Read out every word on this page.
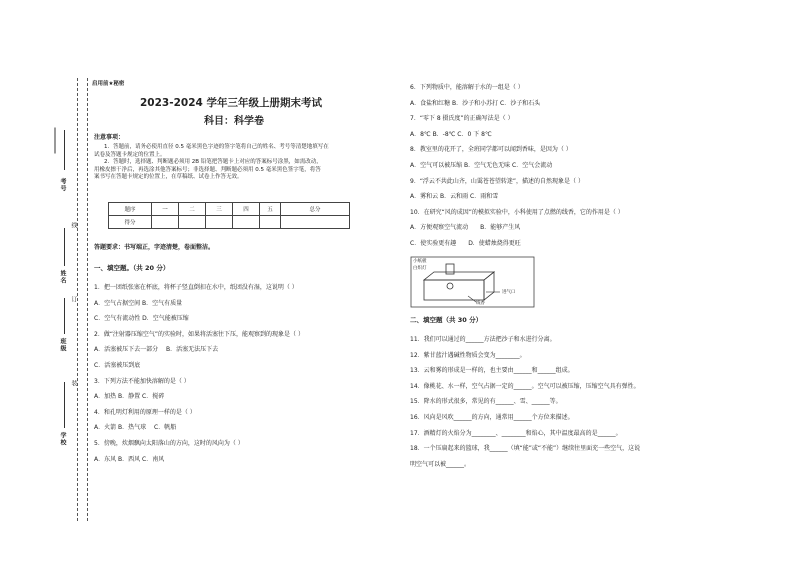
考号
班级
姓名
学校
线
订
装
启用前★秘密
2023-2024 学年三年级上册期末考试
科目：科学卷
注意事项：
1．答题前，请务必使用直径 0.5 毫米黑色字迹的签字笔将自己的姓名、考号等清楚地填写在
试卷及答题卡规定的位置上。
2．答题时，选择题、判断题必须用 2B 铅笔把答题卡上对应的答案标号涂黑，如需改动，
用橡皮擦干净后，再选涂其他答案标号；非选择题、判断题必须用 0.5 毫米黑色签字笔，将答
案书写在答题卡规定的位置上，在草稿纸、试卷上作答无效。
题序	一	二	三	四	五	总分
得分						
答题要求：书写端正，字迹清楚，卷面整洁。
一、填空题。（共 20 分）
1．把一团纸张塞在杯底，将杯子竖直倒扣在水中，纸团没有湿，这说明（ ）
A．空气占据空间 B．空气有质量
C．空气有流动性 D．空气能被压缩
2．做“注射器压缩空气”的实验时，如果将活塞往下压，能观察到的现象是（ ）
A．活塞被压下去一部分　 B．活塞无法压下去
C．活塞被压到底
3．下列方法不能加快溶解的是（ ）
A．加热 B．静置 C．搅碎
4．和孔明灯利用的原理一样的是（ ）
A．火箭 B．热气球　 C．帆船
5．傍晚，炊烟飘向太阳落山的方向，这时的风向为（ ）
A．东风 B．西风 C．南风
6．下列物质中，能溶解于水的一组是（ ）
A．食盐和红糖 B．沙子和小苏打 C．沙子和石头
7．“零下 8 摄氏度”的正确写法是（ ）
A．8℃ B．-8℃ C．0 下 8℃
8．教室里的花开了，全班同学都可以闻到香味，是因为（ ）
A．空气可以被压缩 B．空气无色无味 C．空气会流动
9．“浮云不共此山齐，山霭苍苍望转迷”，描述的自然现象是（ ）
A．雾和云 B．云和雨 C．雨和雪
10．在研究“风的成因”的模拟实验中，小科使用了点燃的线香，它的作用是（ ）
A．方便观察空气流动　　B．能够产生风
C．使实验更有趣　　D．使蜡烛烧得更旺
小纸板
白炽灯
进气口
线香
二、填空题（共 30 分）
11．我们可以通过的______方法把沙子和水进行分离。
12．紫甘蓝汁遇碱性物质会变为________。
13．云和雾的形成是一样的，也主要由______和______组成。
14．像桃花、水一样，空气占据一定的______。空气可以被压缩，压缩空气具有弹性。
15．降水的形式很多，常见的有______、雪、______等。
16．风向是风吹______的方向，通常用______个方位来描述。
17．酒精灯的火焰分为________、________和焰心，其中温度最高的是______。
18．一个压扁起来的篮球，我______（填“能”或“不能”）继续往里面充一些空气，这说
明空气可以被______。
